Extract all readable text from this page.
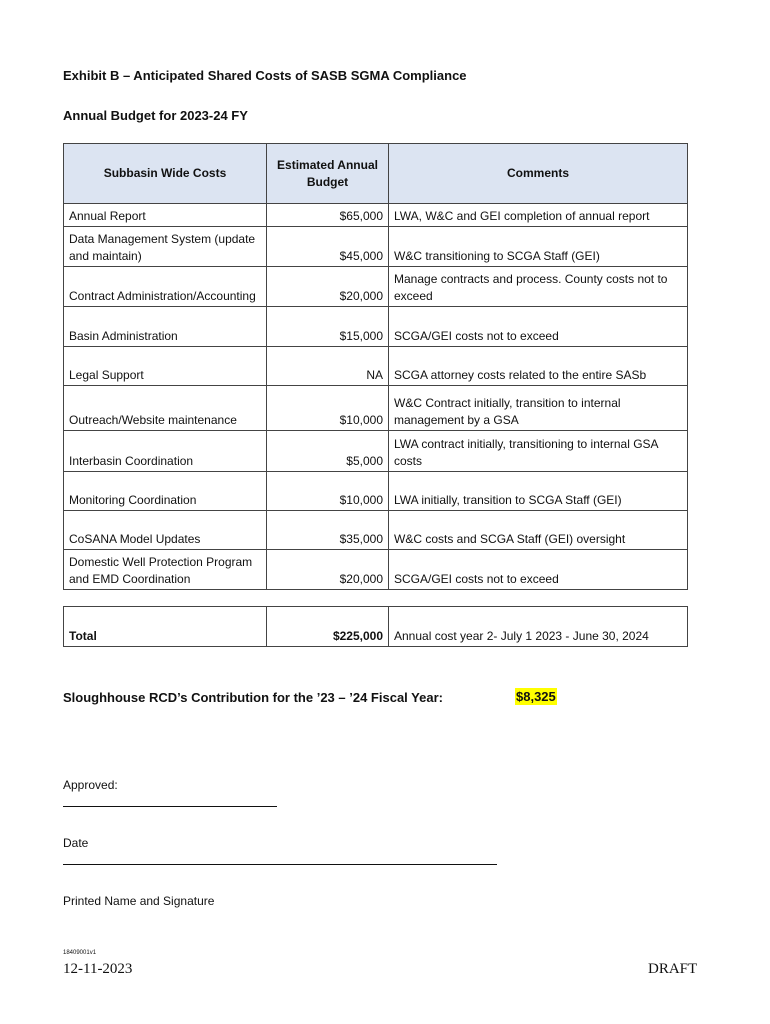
Exhibit B – Anticipated Shared Costs of SASB SGMA Compliance
Annual Budget for 2023-24 FY
Subbasin Wide Costs	Estimated Annual Budget	Comments
Annual Report	$65,000	LWA, W&C and GEI completion of annual report
Data Management System (update and maintain)	$45,000	W&C transitioning to SCGA Staff (GEI)
Contract Administration/Accounting	$20,000	Manage contracts and process. County costs not to exceed
Basin Administration	$15,000	SCGA/GEI costs not to exceed
Legal Support	NA	SCGA attorney costs related to the entire SASb
Outreach/Website maintenance	$10,000	W&C Contract initially, transition to internal management by a GSA
Interbasin Coordination	$5,000	LWA contract initially, transitioning to internal GSA costs
Monitoring Coordination	$10,000	LWA initially, transition to SCGA Staff (GEI)
CoSANA Model Updates	$35,000	W&C costs and SCGA Staff (GEI) oversight
Domestic Well Protection Program and EMD Coordination	$20,000	SCGA/GEI costs not to exceed
Total	$225,000	Annual cost year 2- July 1 2023 - June 30, 2024
Sloughhouse RCD’s Contribution for the ’23 – ’24 Fiscal Year:	$8,325
Approved:
Date
Printed Name and Signature
18409001v1
12-11-2023	DRAFT
